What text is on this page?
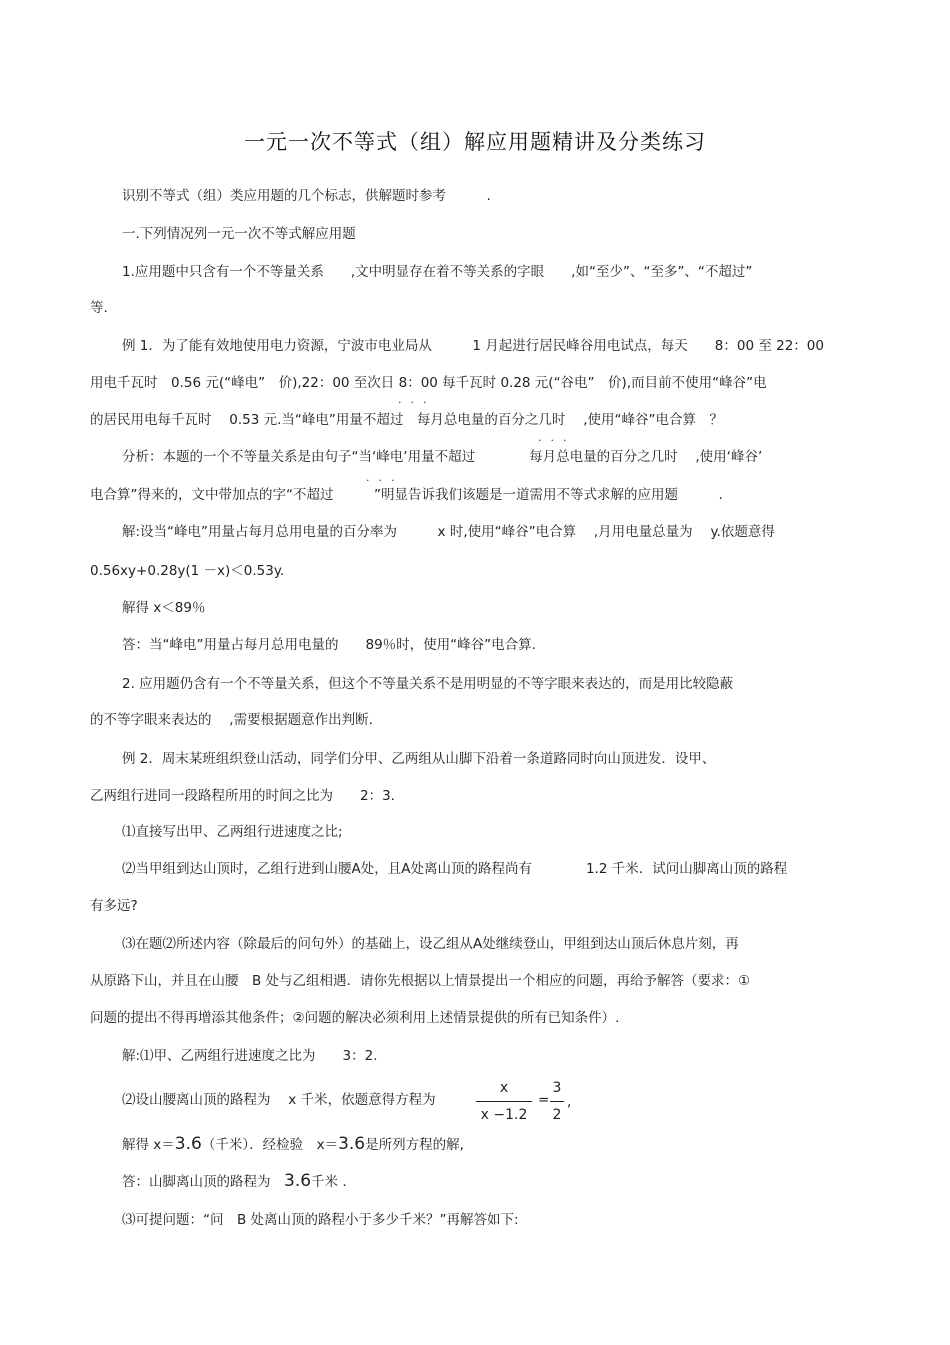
一元一次不等式（组）解应用题精讲及分类练习
识别不等式（组）类应用题的几个标志，供解题时参考　　　.
一.下列情况列一元一次不等式解应用题
1.应用题中只含有一个不等量关系　　,文中明显存在着不等关系的字眼　　,如“至少”、“至多”、“不超过”
等.
例 1．为了能有效地使用电力资源，宁波市电业局从　　　1 月起进行居民峰谷用电试点，每天　　8：00 至 22：00
用电千瓦时　0.56 元(“峰电”　价),22：00 至次日 8：00 每千瓦时 0.28 元(“谷电”　价),而目前不使用“峰谷”电
···
的居民用电每千瓦时　 0.53 元.当“峰电”用量不超过　每月总电量的百分之几时　 ,使用“峰谷”电合算　？
···
分析：本题的一个不等量关系是由句子“当‘峰电’用量不超过　　　　每月总电量的百分之几时　 ,使用‘峰谷’
···
电合算”得来的，文中带加点的字“不超过　　　”明显告诉我们该题是一道需用不等式求解的应用题　　　.
解:设当“峰电”用量占每月总用电量的百分率为　　　x 时,使用“峰谷”电合算　 ,月用电量总量为　 y.依题意得
0.56xy+0.28y(1 －x)＜0.53y.
解得 x＜89％
答：当“峰电”用量占每月总用电量的　　89％时，使用“峰谷”电合算.
2. 应用题仍含有一个不等量关系，但这个不等量关系不是用明显的不等字眼来表达的，而是用比较隐蔽
的不等字眼来表达的　 ,需要根据题意作出判断.
例 2．周末某班组织登山活动，同学们分甲、乙两组从山脚下沿着一条道路同时向山顶进发．设甲、
乙两组行进同一段路程所用的时间之比为　　2：3.
⑴直接写出甲、乙两组行进速度之比;
⑵当甲组到达山顶时，乙组行进到山腰A处，且A处离山顶的路程尚有　　　　1.2 千米．试问山脚离山顶的路程
有多远?
⑶在题⑵所述内容（除最后的问句外）的基础上，设乙组从A处继续登山，甲组到达山顶后休息片刻，再
从原路下山，并且在山腰　B 处与乙组相遇．请你先根据以上情景提出一个相应的问题，再给予解答（要求：①
问题的提出不得再增添其他条件；②问题的解决必须利用上述情景提供的所有已知条件）.
解:⑴甲、乙两组行进速度之比为　　3：2.
⑵设山腰离山顶的路程为　 x 千米，依题意得方程为
x
x −1.2
=
3
2
,
解得 x＝3.6（千米）．经检验　x＝3.6是所列方程的解,
答：山脚离山顶的路程为　3.6千米 .
⑶可提问题：“问　B 处离山顶的路程小于多少千米？”再解答如下:
